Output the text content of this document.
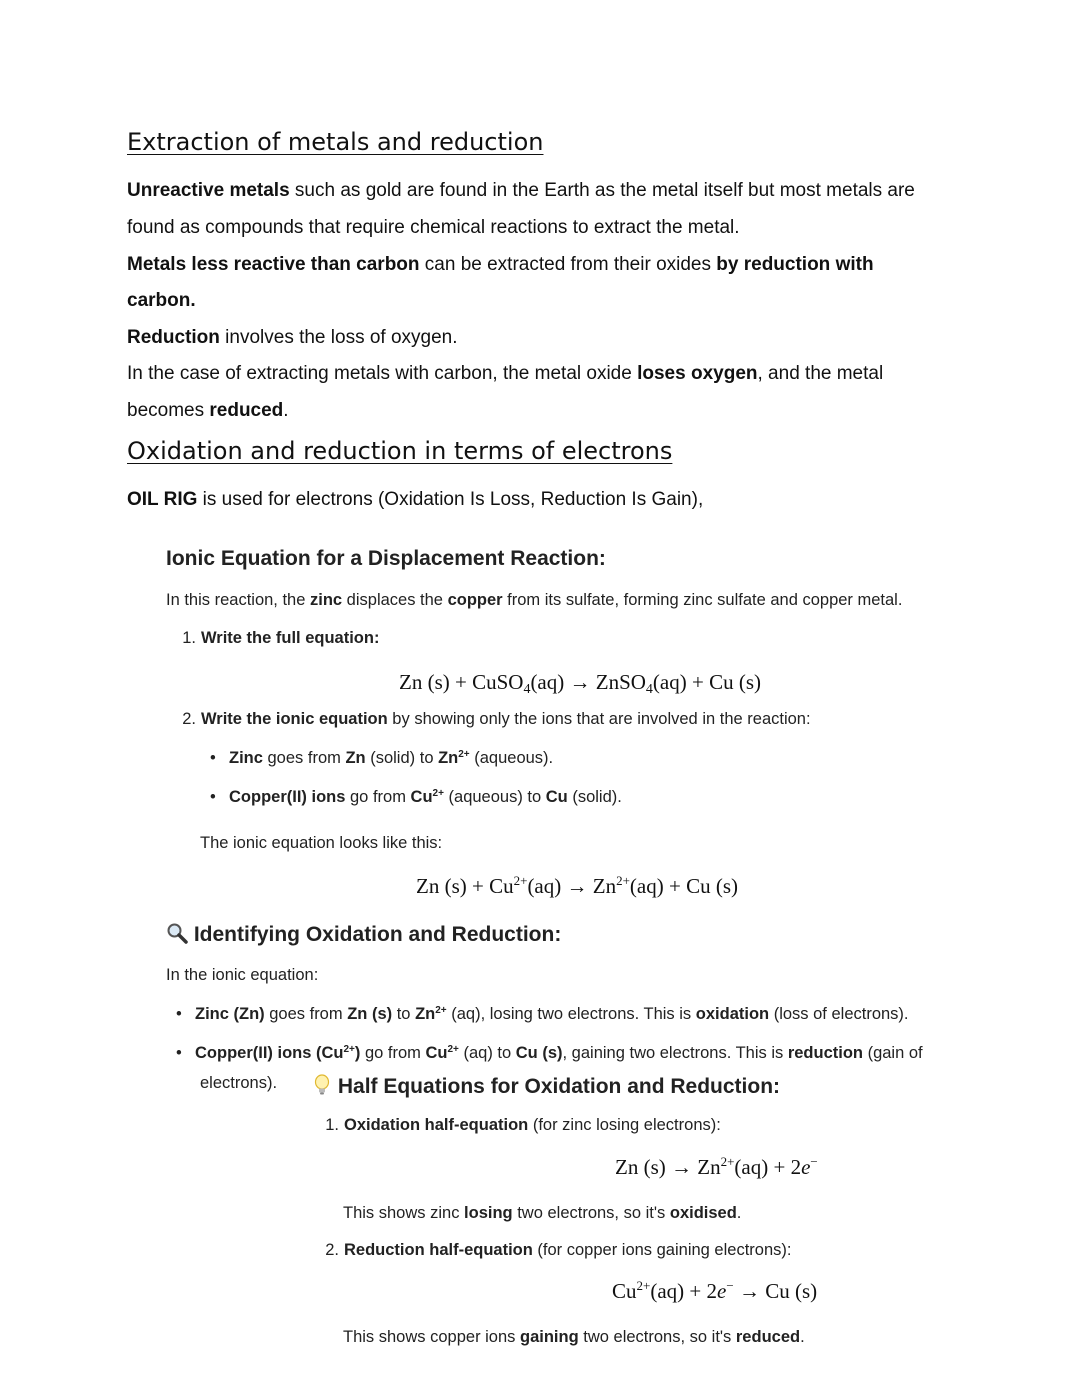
Extraction of metals and reduction
Unreactive metals such as gold are found in the Earth as the metal itself but most metals are
found as compounds that require chemical reactions to extract the metal.
Metals less reactive than carbon can be extracted from their oxides by reduction with
carbon.
Reduction involves the loss of oxygen.
In the case of extracting metals with carbon, the metal oxide loses oxygen, and the metal
becomes reduced.
Oxidation and reduction in terms of electrons
OIL RIG is used for electrons (Oxidation Is Loss, Reduction Is Gain),
Ionic Equation for a Displacement Reaction:
In this reaction, the zinc displaces the copper from its sulfate, forming zinc sulfate and copper metal.
1. Write the full equation:
Zn (s) + CuSO$_4$(aq) → ZnSO$_4$(aq) + Cu (s)
2. Write the ionic equation by showing only the ions that are involved in the reaction:
• Zinc goes from Zn (solid) to $Zn^{2+}$ (aqueous).
• Copper(II) ions go from $Cu^{2+}$ (aqueous) to Cu (solid).
The ionic equation looks like this:
Zn $(s) + Cu^{2+}(aq) \to Zn^{2+}(aq) + Cu$ (s)
Identifying Oxidation and Reduction:
In the ionic equation:
• Zinc (Zn) goes from Zn (s) to $Zn^{2+}$ (aq), losing two electrons. This is oxidation (loss of electrons).
• Copper(II) ions $(Cu^{2+})$ go from $Cu^{2+}$ (aq) to Cu (s), gaining two electrons. This is reduction (gain of
electrons).	Half Equations for Oxidation and Reduction:
1. Oxidation half-equation (for zinc losing electrons):
Zn $(s) \to Zn^{2+}(aq) + 2e^-$
This shows zinc losing two electrons, so it's oxidised.
2. Reduction half-equation (for copper ions gaining electrons):
$Cu^{2+}(aq) + 2e^- \to Cu$ (s)
This shows copper ions gaining two electrons, so it's reduced.
